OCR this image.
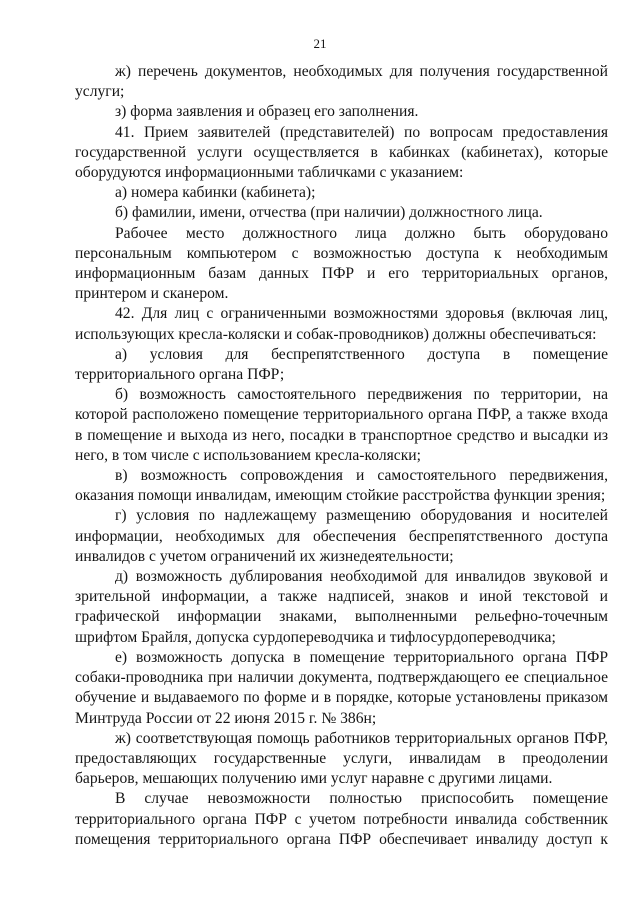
21

ж) перечень документов, необходимых для получения государственной услуги;

з) форма заявления и образец его заполнения.

41. Прием заявителей (представителей) по вопросам предоставления государственной услуги осуществляется в кабинках (кабинетах), которые оборудуются информационными табличками с указанием:

а) номера кабинки (кабинета);

б) фамилии, имени, отчества (при наличии) должностного лица.

Рабочее место должностного лица должно быть оборудовано персональным компьютером с возможностью доступа к необходимым информационным базам данных ПФР и его территориальных органов, принтером и сканером.

42. Для лиц с ограниченными возможностями здоровья (включая лиц, использующих кресла-коляски и собак-проводников) должны обеспечиваться:

а) условия для беспрепятственного доступа в помещение территориального органа ПФР;

б) возможность самостоятельного передвижения по территории, на которой расположено помещение территориального органа ПФР, а также входа в помещение и выхода из него, посадки в транспортное средство и высадки из него, в том числе с использованием кресла-коляски;

в) возможность сопровождения и самостоятельного передвижения, оказания помощи инвалидам, имеющим стойкие расстройства функции зрения;

г) условия по надлежащему размещению оборудования и носителей информации, необходимых для обеспечения беспрепятственного доступа инвалидов с учетом ограничений их жизнедеятельности;

д) возможность дублирования необходимой для инвалидов звуковой и зрительной информации, а также надписей, знаков и иной текстовой и графической информации знаками, выполненными рельефно-точечным шрифтом Брайля, допуска сурдопереводчика и тифлосурдопереводчика;

е) возможность допуска в помещение территориального органа ПФР собаки-проводника при наличии документа, подтверждающего ее специальное обучение и выдаваемого по форме и в порядке, которые установлены приказом Минтруда России от 22 июня 2015 г. № 386н;

ж) соответствующая помощь работников территориальных органов ПФР, предоставляющих государственные услуги, инвалидам в преодолении барьеров, мешающих получению ими услуг наравне с другими лицами.

В случае невозможности полностью приспособить помещение территориального органа ПФР с учетом потребности инвалида собственник помещения территориального органа ПФР обеспечивает инвалиду доступ к
